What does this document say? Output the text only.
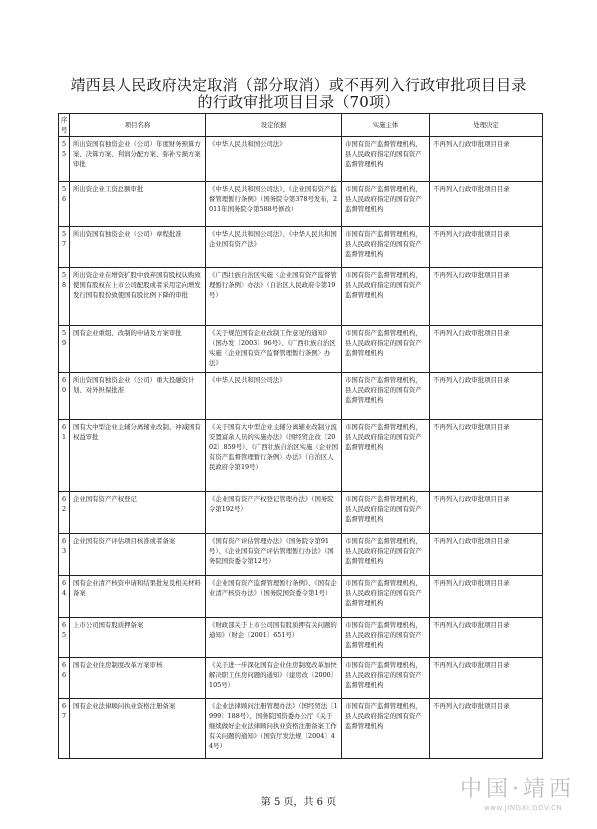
靖西县人民政府决定取消（部分取消）或不再列入行政审批项目目录
的行政审批项目目录（70项）
序号	项目名称	设定依据	实施主体	处理决定
55	所出资国有独资企业（公司）年度财务预算方案、决算方案、利润分配方案、弥补亏损方案审批	《中华人民共和国公司法》	市国有资产监督管理机构，县人民政府指定的国有资产监督管理机构	不再列入行政审批项目目录
56	所出资企业工资总额审批	《中华人民共和国公司法》、《企业国有资产监督管理暂行条例》（国务院令第378号发布，2011年国务院令第588号修改）	市国有资产监督管理机构，县人民政府指定的国有资产监督管理机构	不再列入行政审批项目目录
57	所出资国有独资企业（公司）章程批准	《中华人民共和国公司法》、《中华人民共和国企业国有资产法》	市国有资产监督管理机构，县人民政府指定的国有资产监督管理机构	不再列入行政审批项目目录
58	所出资企业在增资扩股中放弃国有股权认购致使国有股权在上市公司配股或者采用定向增发发行国有股份致使国有股比例下降的审批	《广西壮族自治区实施〈企业国有资产监督管理暂行条例〉办法》（自治区人民政府令第19号）	市国有资产监督管理机构，县人民政府指定的国有资产监督管理机构	不再列入行政审批项目目录
59	国有企业重组、改制的申请及方案审批	《关于规范国有企业改制工作意见的通知》（国办发〔2003〕96号）、《广西壮族自治区实施〈企业国有资产监督管理暂行条例〉办法》	市国有资产监督管理机构，县人民政府指定的国有资产监督管理机构	不再列入行政审批项目目录
60	所出资国有独资企业（公司）重大投融资计划、对外担保批准	《中华人民共和国公司法》	市国有资产监督管理机构，县人民政府指定的国有资产监督管理机构	不再列入行政审批项目目录
61	国有大中型企业主辅分离辅业改制、冲减国有权益审批	《关于国有大中型企业主辅分离辅业改制分流安置富余人员的实施办法》（国经贸企改〔2002〕859号）、《广西壮族自治区实施〈企业国有资产监督管理暂行条例〉办法》（自治区人民政府令第19号）	市国有资产监督管理机构，县人民政府指定的国有资产监督管理机构	不再列入行政审批项目目录
62	企业国有资产产权登记	《企业国有资产产权登记管理办法》（国务院令第192号）	市国有资产监督管理机构，县人民政府指定的国有资产监督管理机构	不再列入行政审批项目目录
63	企业国有资产评估项目核准或者备案	《国有资产评估管理办法》（国务院令第91号）、《企业国有资产评估管理暂行办法》（国务院国资委令第12号）	市国有资产监督管理机构，县人民政府指定的国有资产监督管理机构	不再列入行政审批项目目录
64	国有企业清产核资申请和结果批复及相关材料备案	《企业国有资产监督管理暂行条例》、《国有企业清产核资办法》（国务院国资委令第1号）	市国有资产监督管理机构，县人民政府指定的国有资产监督管理机构	不再列入行政审批项目目录
65	上市公司国有股质押备案	《财政部关于上市公司国有股质押有关问题的通知》（财企〔2001〕651号）	市国有资产监督管理机构，县人民政府指定的国有资产监督管理机构	不再列入行政审批项目目录
66	国有企业住房制度改革方案审核	《关于进一步深化国有企业住房制度改革加快解决职工住房问题的通知》（建房改〔2000〕105号）	市国有资产监督管理机构，县人民政府指定的国有资产监督管理机构	不再列入行政审批项目目录
67	国有企业法律顾问执业资格注册备案	《企业法律顾问注册管理办法》（国经贸法〔1999〕188号）、国务院国资委办公厅《关于继续做好企业法律顾问执业资格注册备案工作有关问题的通知》（国资厅发法规〔2004〕44号）	市国有资产监督管理机构，县人民政府指定的国有资产监督管理机构	不再列入行政审批项目目录
第 5 页，共 6 页
中国·靖西
www.JINGXI.GOV.CN
